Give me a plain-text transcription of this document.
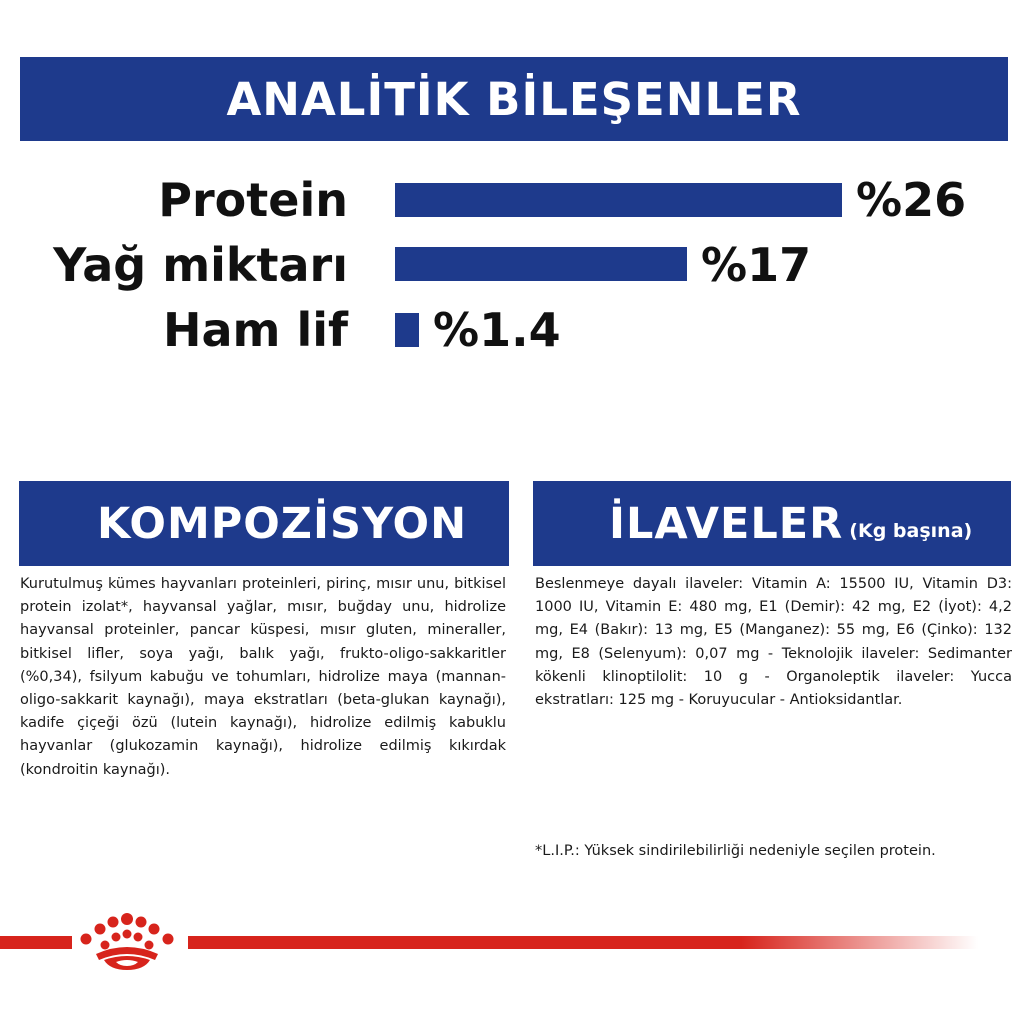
ANALİTİK BİLEŞENLER
Protein	%26
Yağ miktarı	%17
Ham lif %1.4
KOMPOZİSYON

Kurutulmuş kümes hayvanları proteinleri, pirinç, mısır unu, bitkisel protein izolat*, hayvansal yağlar, mısır, buğday unu, hidrolize hayvansal proteinler, pancar küspesi, mısır gluten, mineraller, bitkisel lifler, soya yağı, balık yağı, frukto-oligo-sakkaritler (%0,34), fsilyum kabuğu ve tohumları, hidrolize maya (mannan-oligo-sakkarit kaynağı), maya ekstratları (beta-glukan kaynağı), kadife çiçeği özü (lutein kaynağı), hidrolize edilmiş kabuklu hayvanlar (glukozamin kaynağı), hidrolize edilmiş kıkırdak (kondroitin kaynağı).

İLAVELER (Kg başına)

Beslenmeye dayalı ilaveler: Vitamin A: 15500 IU, Vitamin D3: 1000 IU, Vitamin E: 480 mg, E1 (Demir): 42 mg, E2 (İyot): 4,2 mg, E4 (Bakır): 13 mg, E5 (Manganez): 55 mg, E6 (Çinko): 132 mg, E8 (Selenyum): 0,07 mg - Teknolojik ilaveler: Sedimanter kökenli klinoptilolit: 10 g - Organoleptik ilaveler: Yucca ekstratları: 125 mg - Koruyucular - Antioksidantlar.

*L.I.P.: Yüksek sindirilebilirliği nedeniyle seçilen protein.
